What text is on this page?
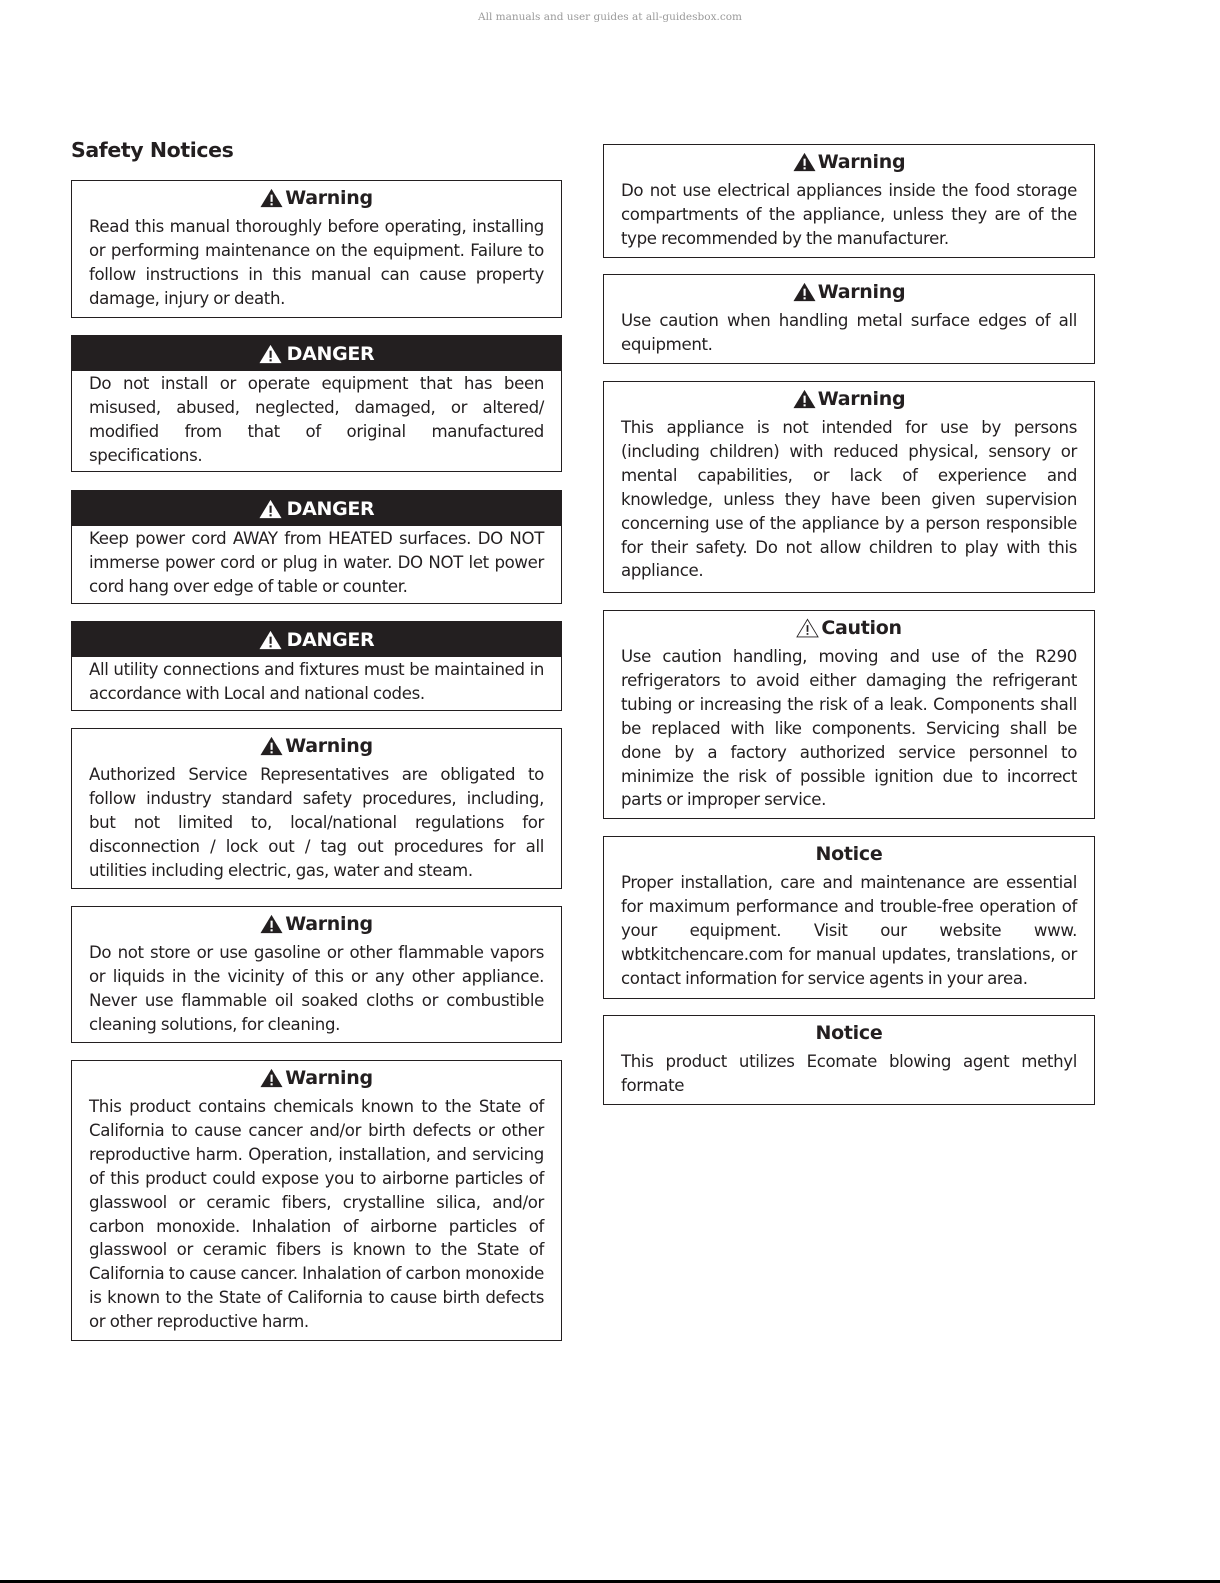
All manuals and user guides at all-guidesbox.com
Safety Notices
Warning
Read this manual thoroughly before operating, installing or performing maintenance on the equipment. Failure to follow instructions in this manual can cause property damage, injury or death.
DANGER
Do not install or operate equipment that has been misused, abused, neglected, damaged, or altered/ modified from that of original manufactured specifications.
DANGER
Keep power cord AWAY from HEATED surfaces. DO NOT immerse power cord or plug in water. DO NOT let power cord hang over edge of table or counter.
DANGER
All utility connections and fixtures must be maintained in accordance with Local and national codes.
Warning
Authorized Service Representatives are obligated to follow industry standard safety procedures, including, but not limited to, local/national regulations for disconnection / lock out / tag out procedures for all utilities including electric, gas, water and steam.
Warning
Do not store or use gasoline or other flammable vapors or liquids in the vicinity of this or any other appliance. Never use flammable oil soaked cloths or combustible cleaning solutions, for cleaning.
Warning
This product contains chemicals known to the State of California to cause cancer and/or birth defects or other reproductive harm. Operation, installation, and servicing of this product could expose you to airborne particles of glasswool or ceramic fibers, crystalline silica, and/or carbon monoxide. Inhalation of airborne particles of glasswool or ceramic fibers is known to the State of California to cause cancer. Inhalation of carbon monoxide is known to the State of California to cause birth defects or other reproductive harm.
Warning
Do not use electrical appliances inside the food storage compartments of the appliance, unless they are of the type recommended by the manufacturer.
Warning
Use caution when handling metal surface edges of all equipment.
Warning
This appliance is not intended for use by persons (including children) with reduced physical, sensory or mental capabilities, or lack of experience and knowledge, unless they have been given supervision concerning use of the appliance by a person responsible for their safety. Do not allow children to play with this appliance.
Caution
Use caution handling, moving and use of the R290 refrigerators to avoid either damaging the refrigerant tubing or increasing the risk of a leak. Components shall be replaced with like components. Servicing shall be done by a factory authorized service personnel to minimize the risk of possible ignition due to incorrect parts or improper service.
Notice
Proper installation, care and maintenance are essential for maximum performance and trouble-free operation of your equipment. Visit our website www. wbtkitchencare.com for manual updates, translations, or contact information for service agents in your area.
Notice
This product utilizes Ecomate blowing agent methyl formate
